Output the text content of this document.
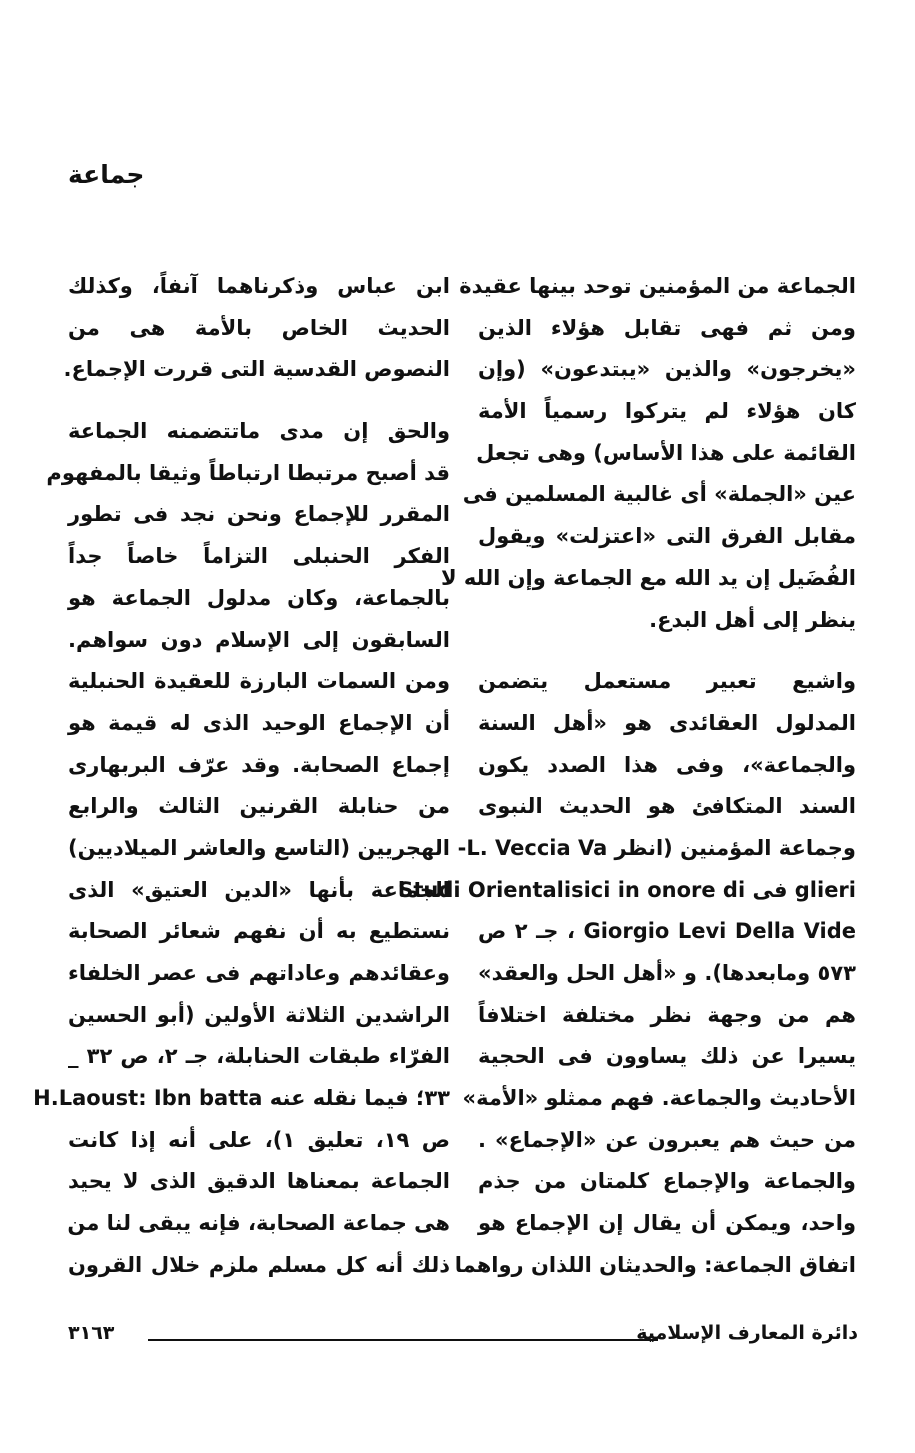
جماعة
الجماعة من المؤمنين توحد بينها عقيدة
ومن ثم فهى تقابل هؤلاء الذين
«يخرجون» والذين «يبتدعون» (وإن
كان هؤلاء لم يتركوا رسمياً الأمة
القائمة على هذا الأساس) وهى تجعل
عين «الجملة» أى غالبية المسلمين فى
مقابل الفرق التى «اعتزلت» ويقول
الفُضَيل إن يد الله مع الجماعة وإن الله لا
ينظر إلى أهل البدع.
واشيع تعبير مستعمل يتضمن
المدلول العقائدى هو «أهل السنة
والجماعة»، وفى هذا الصدد يكون
السند المتكافئ هو الحديث النبوى
وجماعة المؤمنين (انظر L. Veccia Va-
glieri فى Studi Orientalisici in onore di
Giorgio Levi Della Vide ، جـ ٢ ص
٥٧٣ ومابعدها). و «أهل الحل والعقد»
هم من وجهة نظر مختلفة اختلافاً
يسيرا عن ذلك يساوون فى الحجية
الأحاديث والجماعة. فهم ممثلو «الأمة»
من حيث هم يعبرون عن «الإجماع» .
والجماعة والإجماع كلمتان من جذم
واحد، ويمكن أن يقال إن الإجماع هو
اتفاق الجماعة: والحديثان اللذان رواهما
ابن عباس وذكرناهما آنفاً، وكذلك
الحديث الخاص بالأمة هى من
النصوص القدسية التى قررت الإجماع.
والحق إن مدى ماتتضمنه الجماعة
قد أصبح مرتبطا ارتباطاً وثيقا بالمفهوم
المقرر للإجماع ونحن نجد فى تطور
الفكر الحنبلى التزاماً خاصاً جداً
بالجماعة، وكان مدلول الجماعة هو
السابقون إلى الإسلام دون سواهم.
ومن السمات البارزة للعقيدة الحنبلية
أن الإجماع الوحيد الذى له قيمة هو
إجماع الصحابة. وقد عرّف البربهارى
من حنابلة القرنين الثالث والرابع
الهجريين (التاسع والعاشر الميلاديين)
الجماعة بأنها «الدين العتيق» الذى
نستطيع به أن نفهم شعائر الصحابة
وعقائدهم وعاداتهم فى عصر الخلفاء
الراشدين الثلاثة الأولين (أبو الحسين
الفرّاء طبقات الحنابلة، جـ ٢، ص ٣٢ _
٣٣؛ فيما نقله عنه H.Laoust: Ibn batta
ص ١٩، تعليق ١)، على أنه إذا كانت
الجماعة بمعناها الدقيق الذى لا يحيد
هى جماعة الصحابة، فإنه يبقى لنا من
ذلك أنه كل مسلم ملزم خلال القرون
٣١٦٣	دائرة المعارف الإسلامية
